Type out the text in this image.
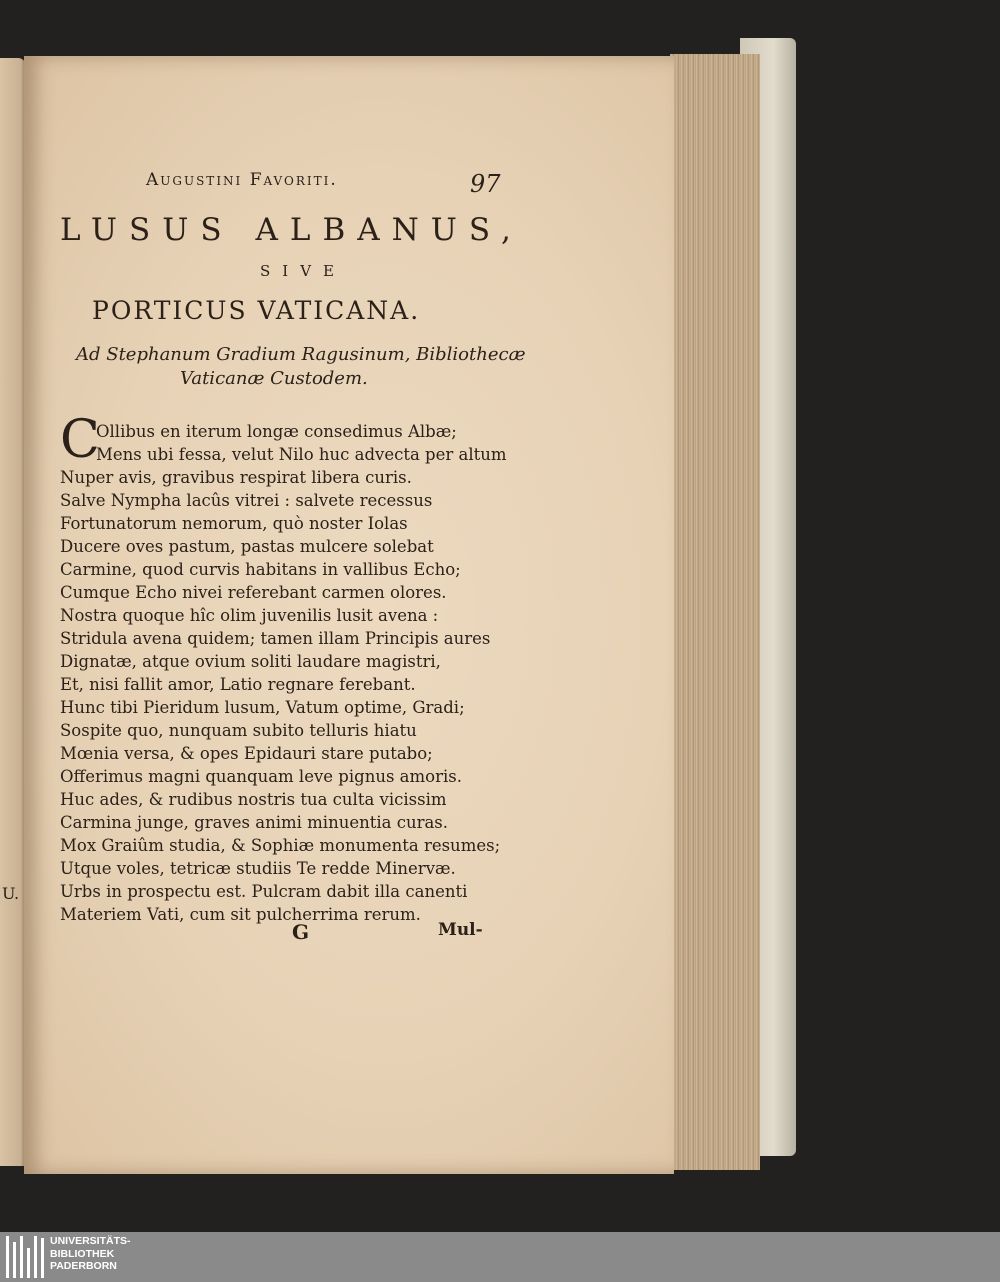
U.
Augustini Favoriti.	97
LUSUS ALBANUS,
SIVE
PORTICUS VATICANA.
Ad Stephanum Gradium Ragusinum, Bibliothecæ
Vaticanæ Custodem.
C
Ollibus en iterum longæ consedimus Albæ;
Mens ubi fessa, velut Nilo huc advecta per altum
Nuper avis, gravibus respirat libera curis.
Salve Nympha lacûs vitrei : salvete recessus
Fortunatorum nemorum, quò noster Iolas
Ducere oves pastum, pastas mulcere solebat
Carmine, quod curvis habitans in vallibus Echo;
Cumque Echo nivei referebant carmen olores.
Nostra quoque hîc olim juvenilis lusit avena :
Stridula avena quidem; tamen illam Principis aures
Dignatæ, atque ovium soliti laudare magistri,
Et, nisi fallit amor, Latio regnare ferebant.
Hunc tibi Pieridum lusum, Vatum optime, Gradi;
Sospite quo, nunquam subito telluris hiatu
Mœnia versa, & opes Epidauri stare putabo;
Offerimus magni quanquam leve pignus amoris.
Huc ades, & rudibus nostris tua culta vicissim
Carmina junge, graves animi minuentia curas.
Mox Graiûm studia, & Sophiæ monumenta resumes;
Utque voles, tetricæ studiis Te redde Minervæ.
Urbs in prospectu est. Pulcram dabit illa canenti
Materiem Vati, cum sit pulcherrima rerum.
G	Mul-
UNIVERSITÄTS-
BIBLIOTHEK
PADERBORN
